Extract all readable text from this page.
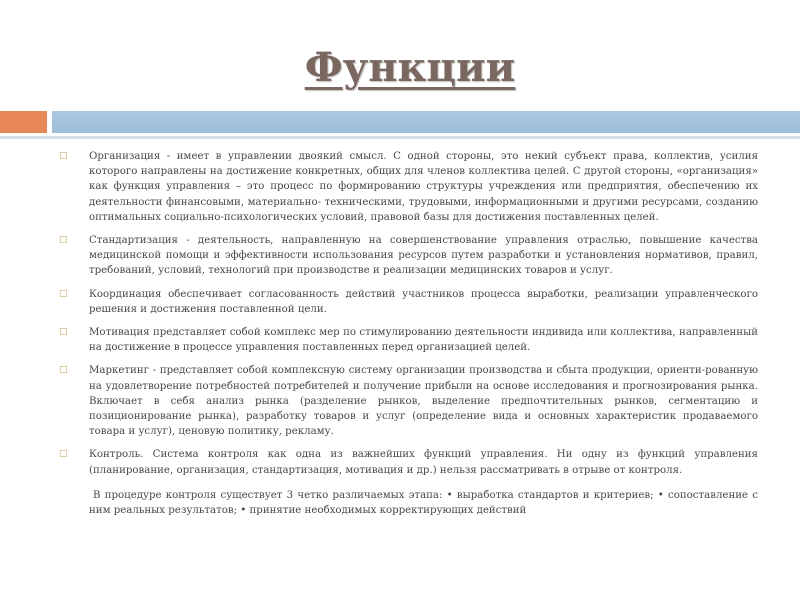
Функции
□ Организация - имеет в управлении двоякий смысл. С одной стороны, это некий субъект права, коллектив, усилия которого направлены на достижение конкретных, общих для членов коллектива целей. С другой стороны, «организация» как функция управления – это процесс по формированию структуры учреждения или предприятия, обеспечению их деятельности финансовыми, материально- техническими, трудовыми, информационными и другими ресурсами, созданию оптимальных социально-психологических условий, правовой базы для достижения поставленных целей.
□ Стандартизация - деятельность, направленную на совершенствование управления отраслью, повышение качества медицинской помощи и эффективности использования ресурсов путем разработки и установления нормативов, правил, требований, условий, технологий при производстве и реализации медицинских товаров и услуг.
□ Координация обеспечивает согласованность действий участников процесса выработки, реализации управленческого решения и достижения поставленной цели.
□ Мотивация представляет собой комплекс мер по стимулированию деятельности индивида или коллектива, направленный на достижение в процессе управления поставленных перед организацией целей.
□ Маркетинг - представляет собой комплексную систему организации производства и сбыта продукции, ориенти-рованную на удовлетворение потребностей потребителей и получение прибыли на основе исследования и прогнозирования рынка. Включает в себя анализ рынка (разделение рынков, выделение предпочтительных рынков, сегментацию и позиционирование рынка), разработку товаров и услуг (определение вида и основных характеристик продаваемого товара и услуг), ценовую политику, рекламу.
□ Контроль. Система контроля как одна из важнейших функций управления. Ни одну из функций управления (планирование, организация, стандартизация, мотивация и др.) нельзя рассматривать в отрыве от контроля.
В процедуре контроля существует 3 четко различаемых этапа: • выработка стандартов и критериев; • сопоставление с ним реальных результатов; • принятие необходимых корректирующих действий
